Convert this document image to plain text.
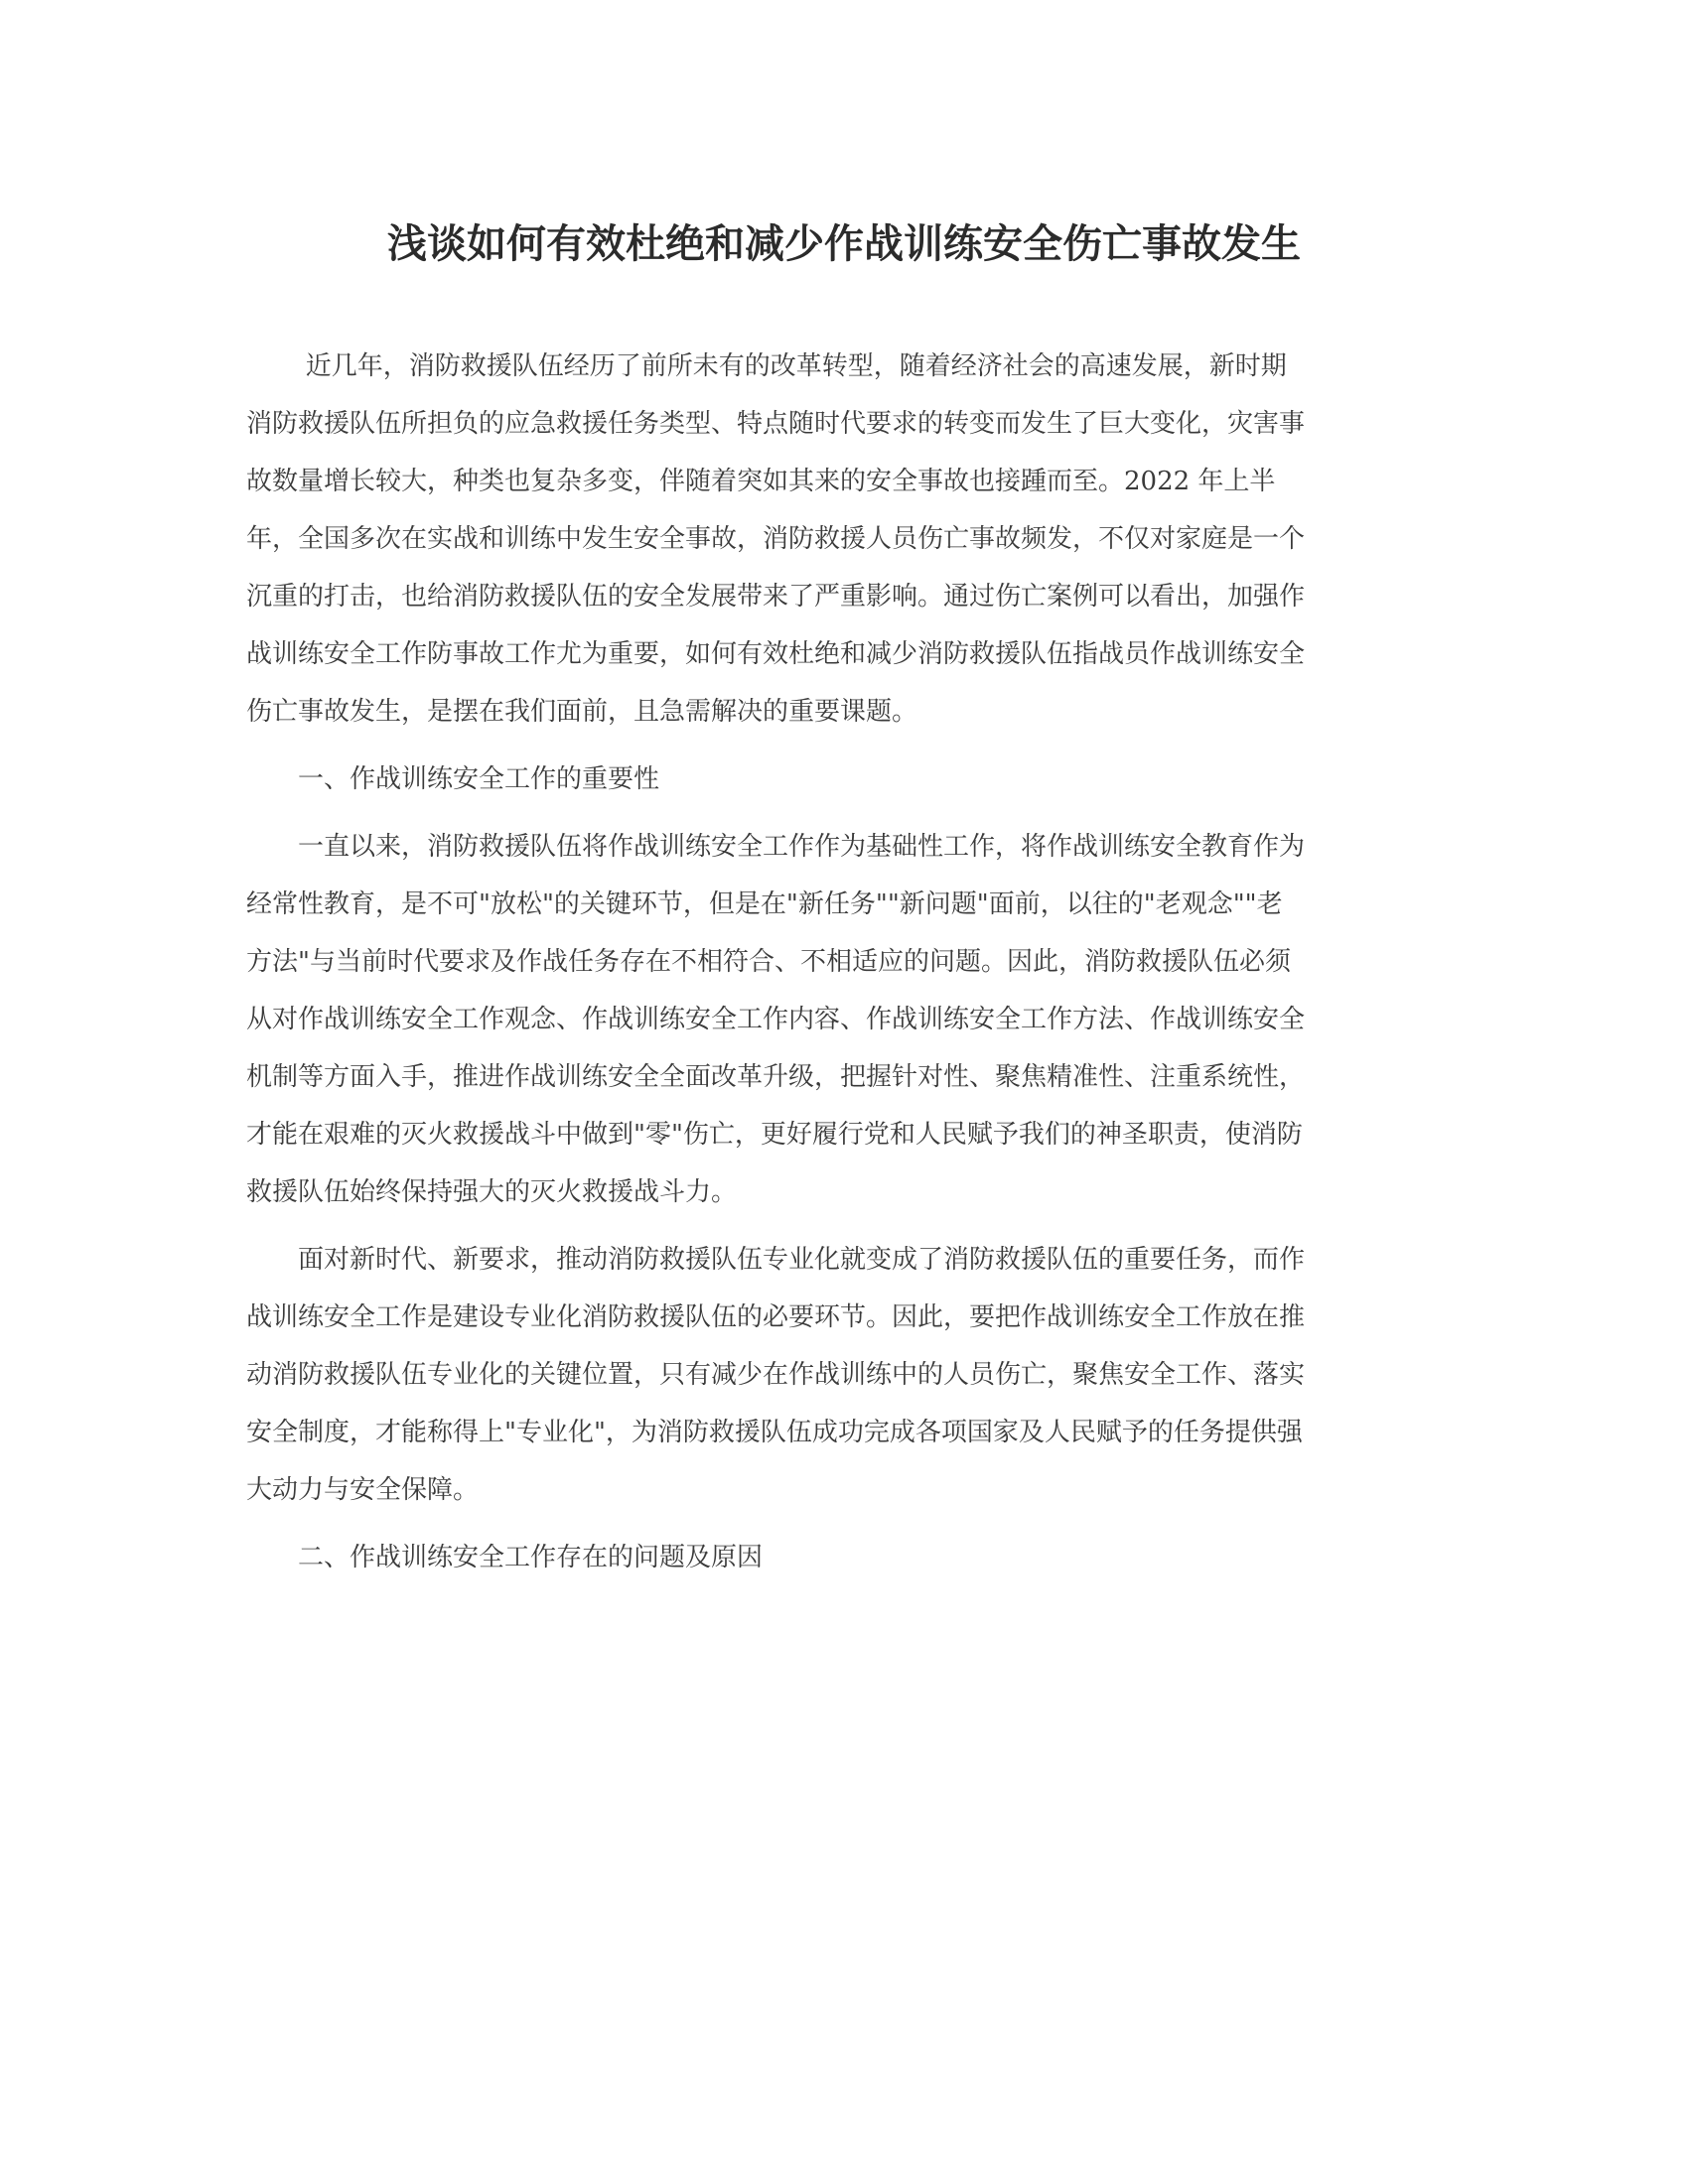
浅谈如何有效杜绝和减少作战训练安全伤亡事故发生
近几年，消防救援队伍经历了前所未有的改革转型，随着经济社会的高速发展，新时期
消防救援队伍所担负的应急救援任务类型、特点随时代要求的转变而发生了巨大变化，灾害事
故数量增长较大，种类也复杂多变，伴随着突如其来的安全事故也接踵而至。2022 年上半
年，全国多次在实战和训练中发生安全事故，消防救援人员伤亡事故频发，不仅对家庭是一个
沉重的打击，也给消防救援队伍的安全发展带来了严重影响。通过伤亡案例可以看出，加强作
战训练安全工作防事故工作尤为重要，如何有效杜绝和减少消防救援队伍指战员作战训练安全
伤亡事故发生，是摆在我们面前，且急需解决的重要课题。
一、作战训练安全工作的重要性
一直以来，消防救援队伍将作战训练安全工作作为基础性工作，将作战训练安全教育作为
经常性教育，是不可"放松"的关键环节，但是在"新任务""新问题"面前，以往的"老观念""老
方法"与当前时代要求及作战任务存在不相符合、不相适应的问题。因此，消防救援队伍必须
从对作战训练安全工作观念、作战训练安全工作内容、作战训练安全工作方法、作战训练安全
机制等方面入手，推进作战训练安全全面改革升级，把握针对性、聚焦精准性、注重系统性，
才能在艰难的灭火救援战斗中做到"零"伤亡，更好履行党和人民赋予我们的神圣职责，使消防
救援队伍始终保持强大的灭火救援战斗力。
面对新时代、新要求，推动消防救援队伍专业化就变成了消防救援队伍的重要任务，而作
战训练安全工作是建设专业化消防救援队伍的必要环节。因此，要把作战训练安全工作放在推
动消防救援队伍专业化的关键位置，只有减少在作战训练中的人员伤亡，聚焦安全工作、落实
安全制度，才能称得上"专业化"，为消防救援队伍成功完成各项国家及人民赋予的任务提供强
大动力与安全保障。
二、作战训练安全工作存在的问题及原因
